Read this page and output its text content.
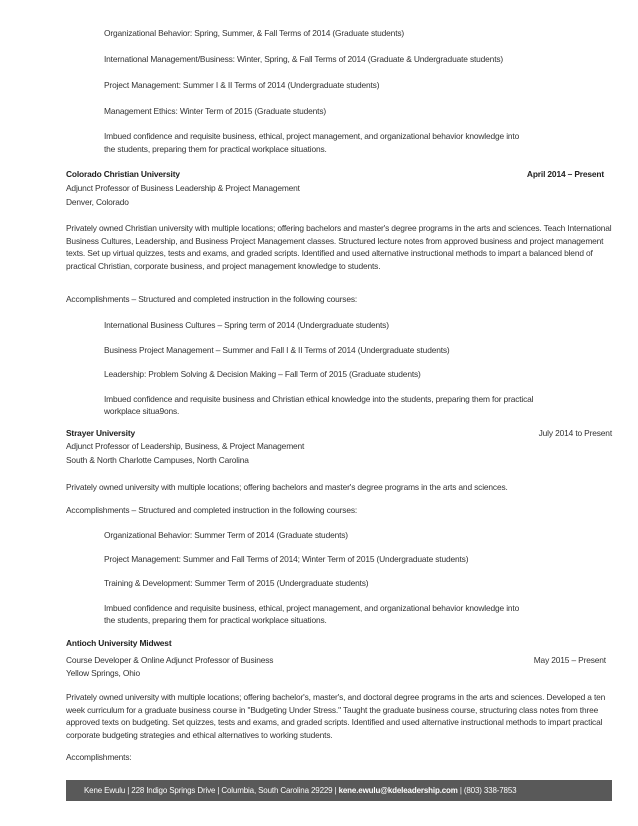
Organizational Behavior: Spring, Summer, & Fall Terms of 2014 (Graduate students)
International Management/Business: Winter, Spring, & Fall Terms of 2014 (Graduate & Undergraduate students)
Project Management: Summer I & II Terms of 2014 (Undergraduate students)
Management Ethics: Winter Term of 2015 (Graduate students)
Imbued confidence and requisite business, ethical, project management, and organizational behavior knowledge into
the students, preparing them for practical workplace situations.
Colorado Christian University	April 2014 – Present
Adjunct Professor of Business Leadership & Project Management
Denver, Colorado
Privately owned Christian university with multiple locations; offering bachelors and master's degree programs in the arts and sciences. Teach International Business Cultures, Leadership, and Business Project Management classes. Structured lecture notes from approved business and project management texts. Set up virtual quizzes, tests and exams, and graded scripts. Identified and used alternative instructional methods to impart a balanced blend of practical Christian, corporate business, and project management knowledge to students.
Accomplishments – Structured and completed instruction in the following courses:
International Business Cultures – Spring term of 2014 (Undergraduate students)
Business Project Management – Summer and Fall I & II Terms of 2014 (Undergraduate students)
Leadership: Problem Solving & Decision Making – Fall Term of 2015 (Graduate students)
Imbued confidence and requisite business and Christian ethical knowledge into the students, preparing them for practical
workplace situa9ons.
Strayer University	July 2014 to Present
Adjunct Professor of Leadership, Business, & Project Management
South & North Charlotte Campuses, North Carolina
Privately owned university with multiple locations; offering bachelors and master's degree programs in the arts and sciences.
Accomplishments – Structured and completed instruction in the following courses:
Organizational Behavior: Summer Term of 2014 (Graduate students)
Project Management: Summer and Fall Terms of 2014; Winter Term of 2015 (Undergraduate students)
Training & Development: Summer Term of 2015 (Undergraduate students)
Imbued confidence and requisite business, ethical, project management, and organizational behavior knowledge into
the students, preparing them for practical workplace situations.
Antioch University Midwest
Course Developer & Online Adjunct Professor of Business	May 2015 – Present
Yellow Springs, Ohio
Privately owned university with multiple locations; offering bachelor's, master's, and doctoral degree programs in the arts and sciences. Developed a ten week curriculum for a graduate business course in "Budgeting Under Stress." Taught the graduate business course, structuring class notes from three approved texts on budgeting. Set quizzes, tests and exams, and graded scripts. Identified and used alternative instructional methods to impart practical corporate budgeting strategies and ethical alternatives to working students.
Accomplishments:
Kene Ewulu | 228 Indigo Springs Drive | Columbia, South Carolina 29229 | kene.ewulu@kdeleadership.com | (803) 338-7853
